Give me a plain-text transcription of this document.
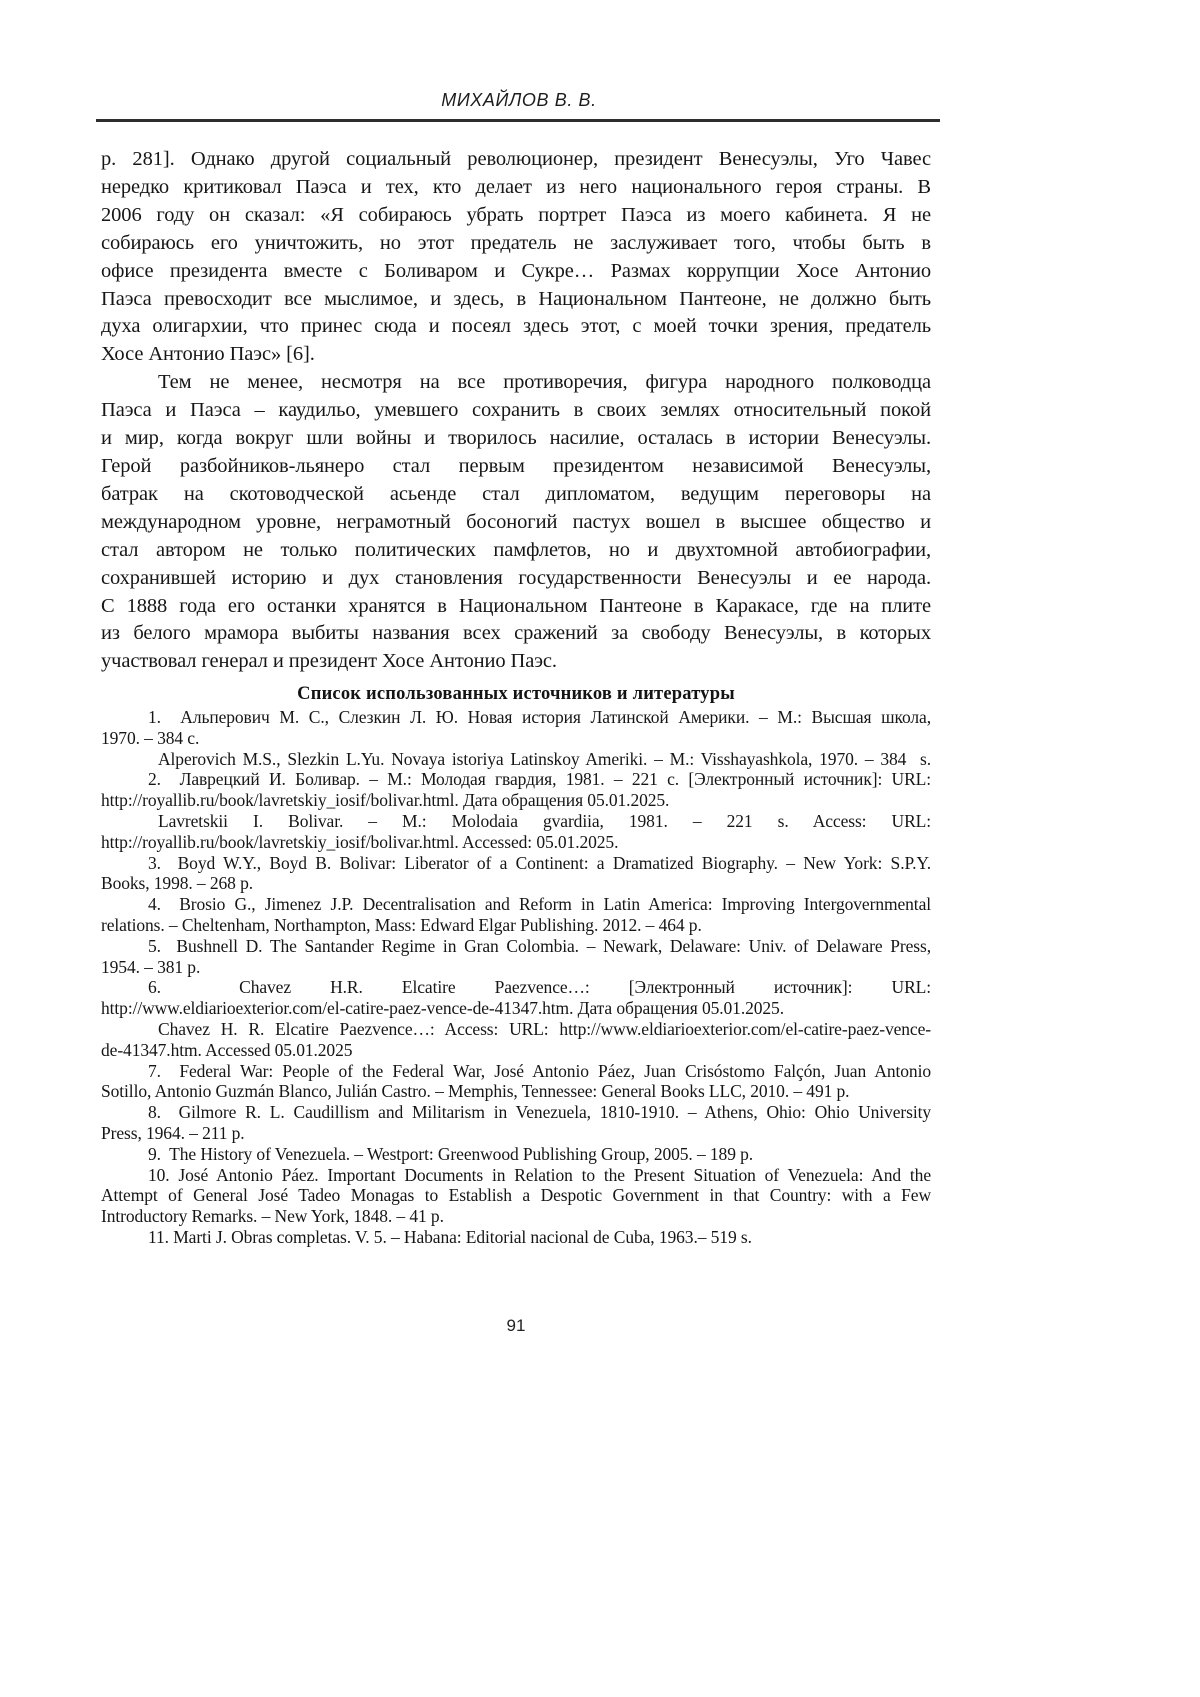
МИХАЙЛОВ В. В.
р. 281]. Однако другой социальный революционер, президент Венесуэлы, Уго Чавес
нередко критиковал Паэса и тех, кто делает из него национального героя страны. В
2006 году он сказал: «Я собираюсь убрать портрет Паэса из моего кабинета. Я не
собираюсь его уничтожить, но этот предатель не заслуживает того, чтобы быть в
офисе президента вместе с Боливаром и Сукре… Размах коррупции Хосе Антонио
Паэса превосходит все мыслимое, и здесь, в Национальном Пантеоне, не должно быть
духа олигархии, что принес сюда и посеял здесь этот, с моей точки зрения, предатель
Хосе Антонио Паэс» [6].
Тем не менее, несмотря на все противоречия, фигура народного полководца
Паэса и Паэса – каудильо, умевшего сохранить в своих землях относительный покой
и мир, когда вокруг шли войны и творилось насилие, осталась в истории Венесуэлы.
Герой разбойников-льянеро стал первым президентом независимой Венесуэлы,
батрак на скотоводческой асьенде стал дипломатом, ведущим переговоры на
международном уровне, неграмотный босоногий пастух вошел в высшее общество и
стал автором не только политических памфлетов, но и двухтомной автобиографии,
сохранившей историю и дух становления государственности Венесуэлы и ее народа.
С 1888 года его останки хранятся в Национальном Пантеоне в Каракасе, где на плите
из белого мрамора выбиты названия всех сражений за свободу Венесуэлы, в которых
участвовал генерал и президент Хосе Антонио Паэс.
Список использованных источников и литературы
1.  Альперович М. С., Слезкин Л. Ю. Новая история Латинской Америки. – М.: Высшая школа,
1970. – 384 с.
Alperovich M.S., Slezkin L.Yu. Novaya istoriya Latinskoy Ameriki. – M.: Visshayashkola, 1970. – 384  s.
2.  Лаврецкий И. Боливар. – М.: Молодая гвардия, 1981. – 221 с. [Электронный источник]: URL:
http://royallib.ru/book/lavretskiy_iosif/bolivar.html. Дата обращения 05.01.2025.
Lavretskii I. Bolivar. – M.: Molodaia gvardiia, 1981. – 221 s. Access: URL:
http://royallib.ru/book/lavretskiy_iosif/bolivar.html. Accessed: 05.01.2025.
3.  Boyd W.Y., Boyd B. Bolivar: Liberator of a Continent: a Dramatized Biography. – New York: S.P.Y.
Books, 1998. – 268 p.
4.  Brosio G., Jimenez J.P. Decentralisation and Reform in Latin America: Improving Intergovernmental
relations. – Cheltenham, Northampton, Mass: Edward Elgar Publishing. 2012. – 464 p.
5.  Bushnell D. The Santander Regime in Gran Colombia. – Newark, Delaware: Univ. of Delaware Press,
1954. – 381 p.
6.  Chavez H.R. Elcatire Paezvence…: [Электронный источник]: URL:
http://www.eldiarioexterior.com/el-catire-paez-vence-de-41347.htm. Дата обращения 05.01.2025.
Chavez H. R. Elcatire Paezvence…: Access: URL: http://www.eldiarioexterior.com/el-catire-paez-vence-
de-41347.htm. Accessed 05.01.2025
7.  Federal War: People of the Federal War, José Antonio Páez, Juan Crisóstomo Falçón, Juan Antonio
Sotillo, Antonio Guzmán Blanco, Julián Castro. – Memphis, Tennessee: General Books LLC, 2010. – 491 p.
8.  Gilmore R. L. Caudillism and Militarism in Venezuela, 1810-1910. – Athens, Ohio: Ohio University
Press, 1964. – 211 p.
9.  The History of Venezuela. – Westport: Greenwood Publishing Group, 2005. – 189 p.
10. José Antonio Páez. Important Documents in Relation to the Present Situation of Venezuela: And the
Attempt of General José Tadeo Monagas to Establish a Despotic Government in that Country: with a Few
Introductory Remarks. – New York, 1848. – 41 p.
11. Marti J. Obras completas. V. 5. – Habana: Editorial nacional de Cuba, 1963.– 519 s.
91
